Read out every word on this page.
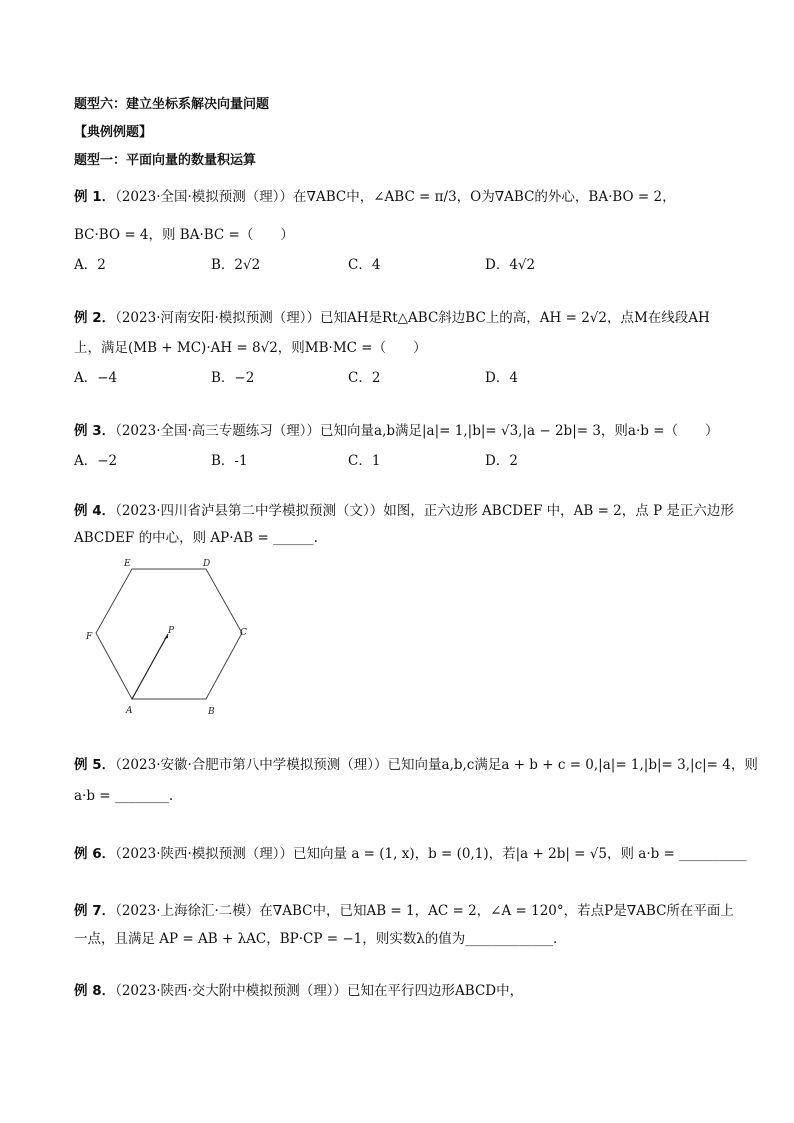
题型六：建立坐标系解决向量问题
【典例例题】
题型一：平面向量的数量积运算
例 1．（2023·全国·模拟预测（理））在∇ABC中，∠ABC = π/3，O为∇ABC的外心，BA·BO = 2，
BC·BO = 4，则 BA·BC =（　　）
A．2	B．2√2	C．4	D．4√2
例 2．（2023·河南安阳·模拟预测（理））已知AH是Rt△ABC斜边BC上的高，AH = 2√2，点M在线段AH
上，满足(MB + MC)·AH = 8√2，则MB·MC =（　　）
A．−4	B．−2	C．2	D．4
例 3．（2023·全国·高三专题练习（理））已知向量a,b满足|a|= 1,|b|= √3,|a − 2b|= 3，则a·b =（　　）
A．−2	B．-1	C．1	D．2
例 4．（2023·四川省泸县第二中学模拟预测（文））如图，正六边形 ABCDEF 中，AB = 2，点 P 是正六边形
ABCDEF 的中心，则 AP·AB = ______.
A	B
C
D
E
F
P
例 5．（2023·安徽·合肥市第八中学模拟预测（理））已知向量a,b,c满足a + b + c = 0,|a|= 1,|b|= 3,|c|= 4，则
a·b = ________.
例 6．（2023·陕西·模拟预测（理））已知向量 a = (1, x)，b = (0,1)，若|a + 2b| = √5，则 a·b = __________
例 7．（2023·上海徐汇·二模）在∇ABC中，已知AB = 1，AC = 2，∠A = 120°，若点P是∇ABC所在平面上
一点，且满足 AP = AB + λAC，BP·CP = −1，则实数λ的值为_____________.
例 8．（2023·陕西·交大附中模拟预测（理））已知在平行四边形ABCD中，
